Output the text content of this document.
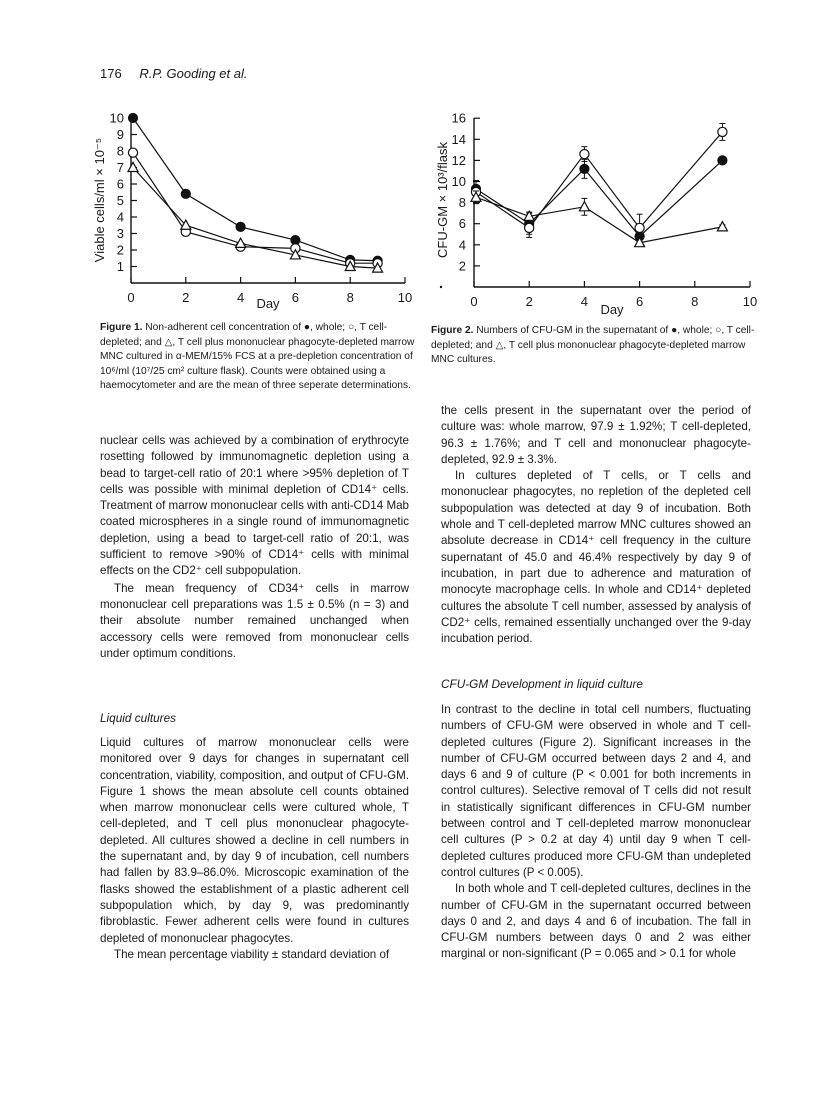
176 R.P. Gooding et al.
1
2
3
4
5
6
7
8
9
10
0	2	4	6	8	10
Day
Viable cells/ml × 10⁻⁵
2
4
6
8
10
12
14
16
0	2	4	6	8	10
Day
CFU-GM × 10³/flask
Figure 1. Non-adherent cell concentration of ●, whole; ○, T cell-depleted; and △, T cell plus mononuclear phagocyte-depleted marrow MNC cultured in α-MEM/15% FCS at a pre-depletion concentration of 10⁶/ml (10⁷/25 cm² culture flask). Counts were obtained using a haemocytometer and are the mean of three seperate determinations.
Figure 2. Numbers of CFU-GM in the supernatant of ●, whole; ○, T cell-depleted; and △, T cell plus mononuclear phagocyte-depleted marrow MNC cultures.

nuclear cells was achieved by a combination of erythrocyte rosetting followed by immunomagnetic depletion using a bead to target-cell ratio of 20:1 where >95% depletion of T cells was possible with minimal depletion of CD14⁺ cells. Treatment of marrow mononuclear cells with anti-CD14 Mab coated microspheres in a single round of immunomagnetic depletion, using a bead to target-cell ratio of 20:1, was sufficient to remove >90% of CD14⁺ cells with minimal effects on the CD2⁺ cell subpopulation.

The mean frequency of CD34⁺ cells in marrow mononuclear cell preparations was 1.5 ± 0.5% (n = 3) and their absolute number remained unchanged when accessory cells were removed from mononuclear cells under optimum conditions.

Liquid cultures

Liquid cultures of marrow mononuclear cells were monitored over 9 days for changes in supernatant cell concentration, viability, composition, and output of CFU-GM. Figure 1 shows the mean absolute cell counts obtained when marrow mononuclear cells were cultured whole, T cell-depleted, and T cell plus mononuclear phagocyte-depleted. All cultures showed a decline in cell numbers in the supernatant and, by day 9 of incubation, cell numbers had fallen by 83.9–86.0%. Microscopic examination of the flasks showed the establishment of a plastic adherent cell subpopulation which, by day 9, was predominantly fibroblastic. Fewer adherent cells were found in cultures depleted of mononuclear phagocytes.

The mean percentage viability ± standard deviation of

the cells present in the supernatant over the period of culture was: whole marrow, 97.9 ± 1.92%; T cell-depleted, 96.3 ± 1.76%; and T cell and mononuclear phagocyte-depleted, 92.9 ± 3.3%.

In cultures depleted of T cells, or T cells and mononuclear phagocytes, no repletion of the depleted cell subpopulation was detected at day 9 of incubation. Both whole and T cell-depleted marrow MNC cultures showed an absolute decrease in CD14⁺ cell frequency in the culture supernatant of 45.0 and 46.4% respectively by day 9 of incubation, in part due to adherence and maturation of monocyte macrophage cells. In whole and CD14⁺ depleted cultures the absolute T cell number, assessed by analysis of CD2⁺ cells, remained essentially unchanged over the 9-day incubation period.

CFU-GM Development in liquid culture

In contrast to the decline in total cell numbers, fluctuating numbers of CFU-GM were observed in whole and T cell-depleted cultures (Figure 2). Significant increases in the number of CFU-GM occurred between days 2 and 4, and days 6 and 9 of culture (P < 0.001 for both increments in control cultures). Selective removal of T cells did not result in statistically significant differences in CFU-GM number between control and T cell-depleted marrow mononuclear cell cultures (P > 0.2 at day 4) until day 9 when T cell-depleted cultures produced more CFU-GM than undepleted control cultures (P < 0.005).

In both whole and T cell-depleted cultures, declines in the number of CFU-GM in the supernatant occurred between days 0 and 2, and days 4 and 6 of incubation. The fall in CFU-GM numbers between days 0 and 2 was either marginal or non-significant (P = 0.065 and > 0.1 for whole
